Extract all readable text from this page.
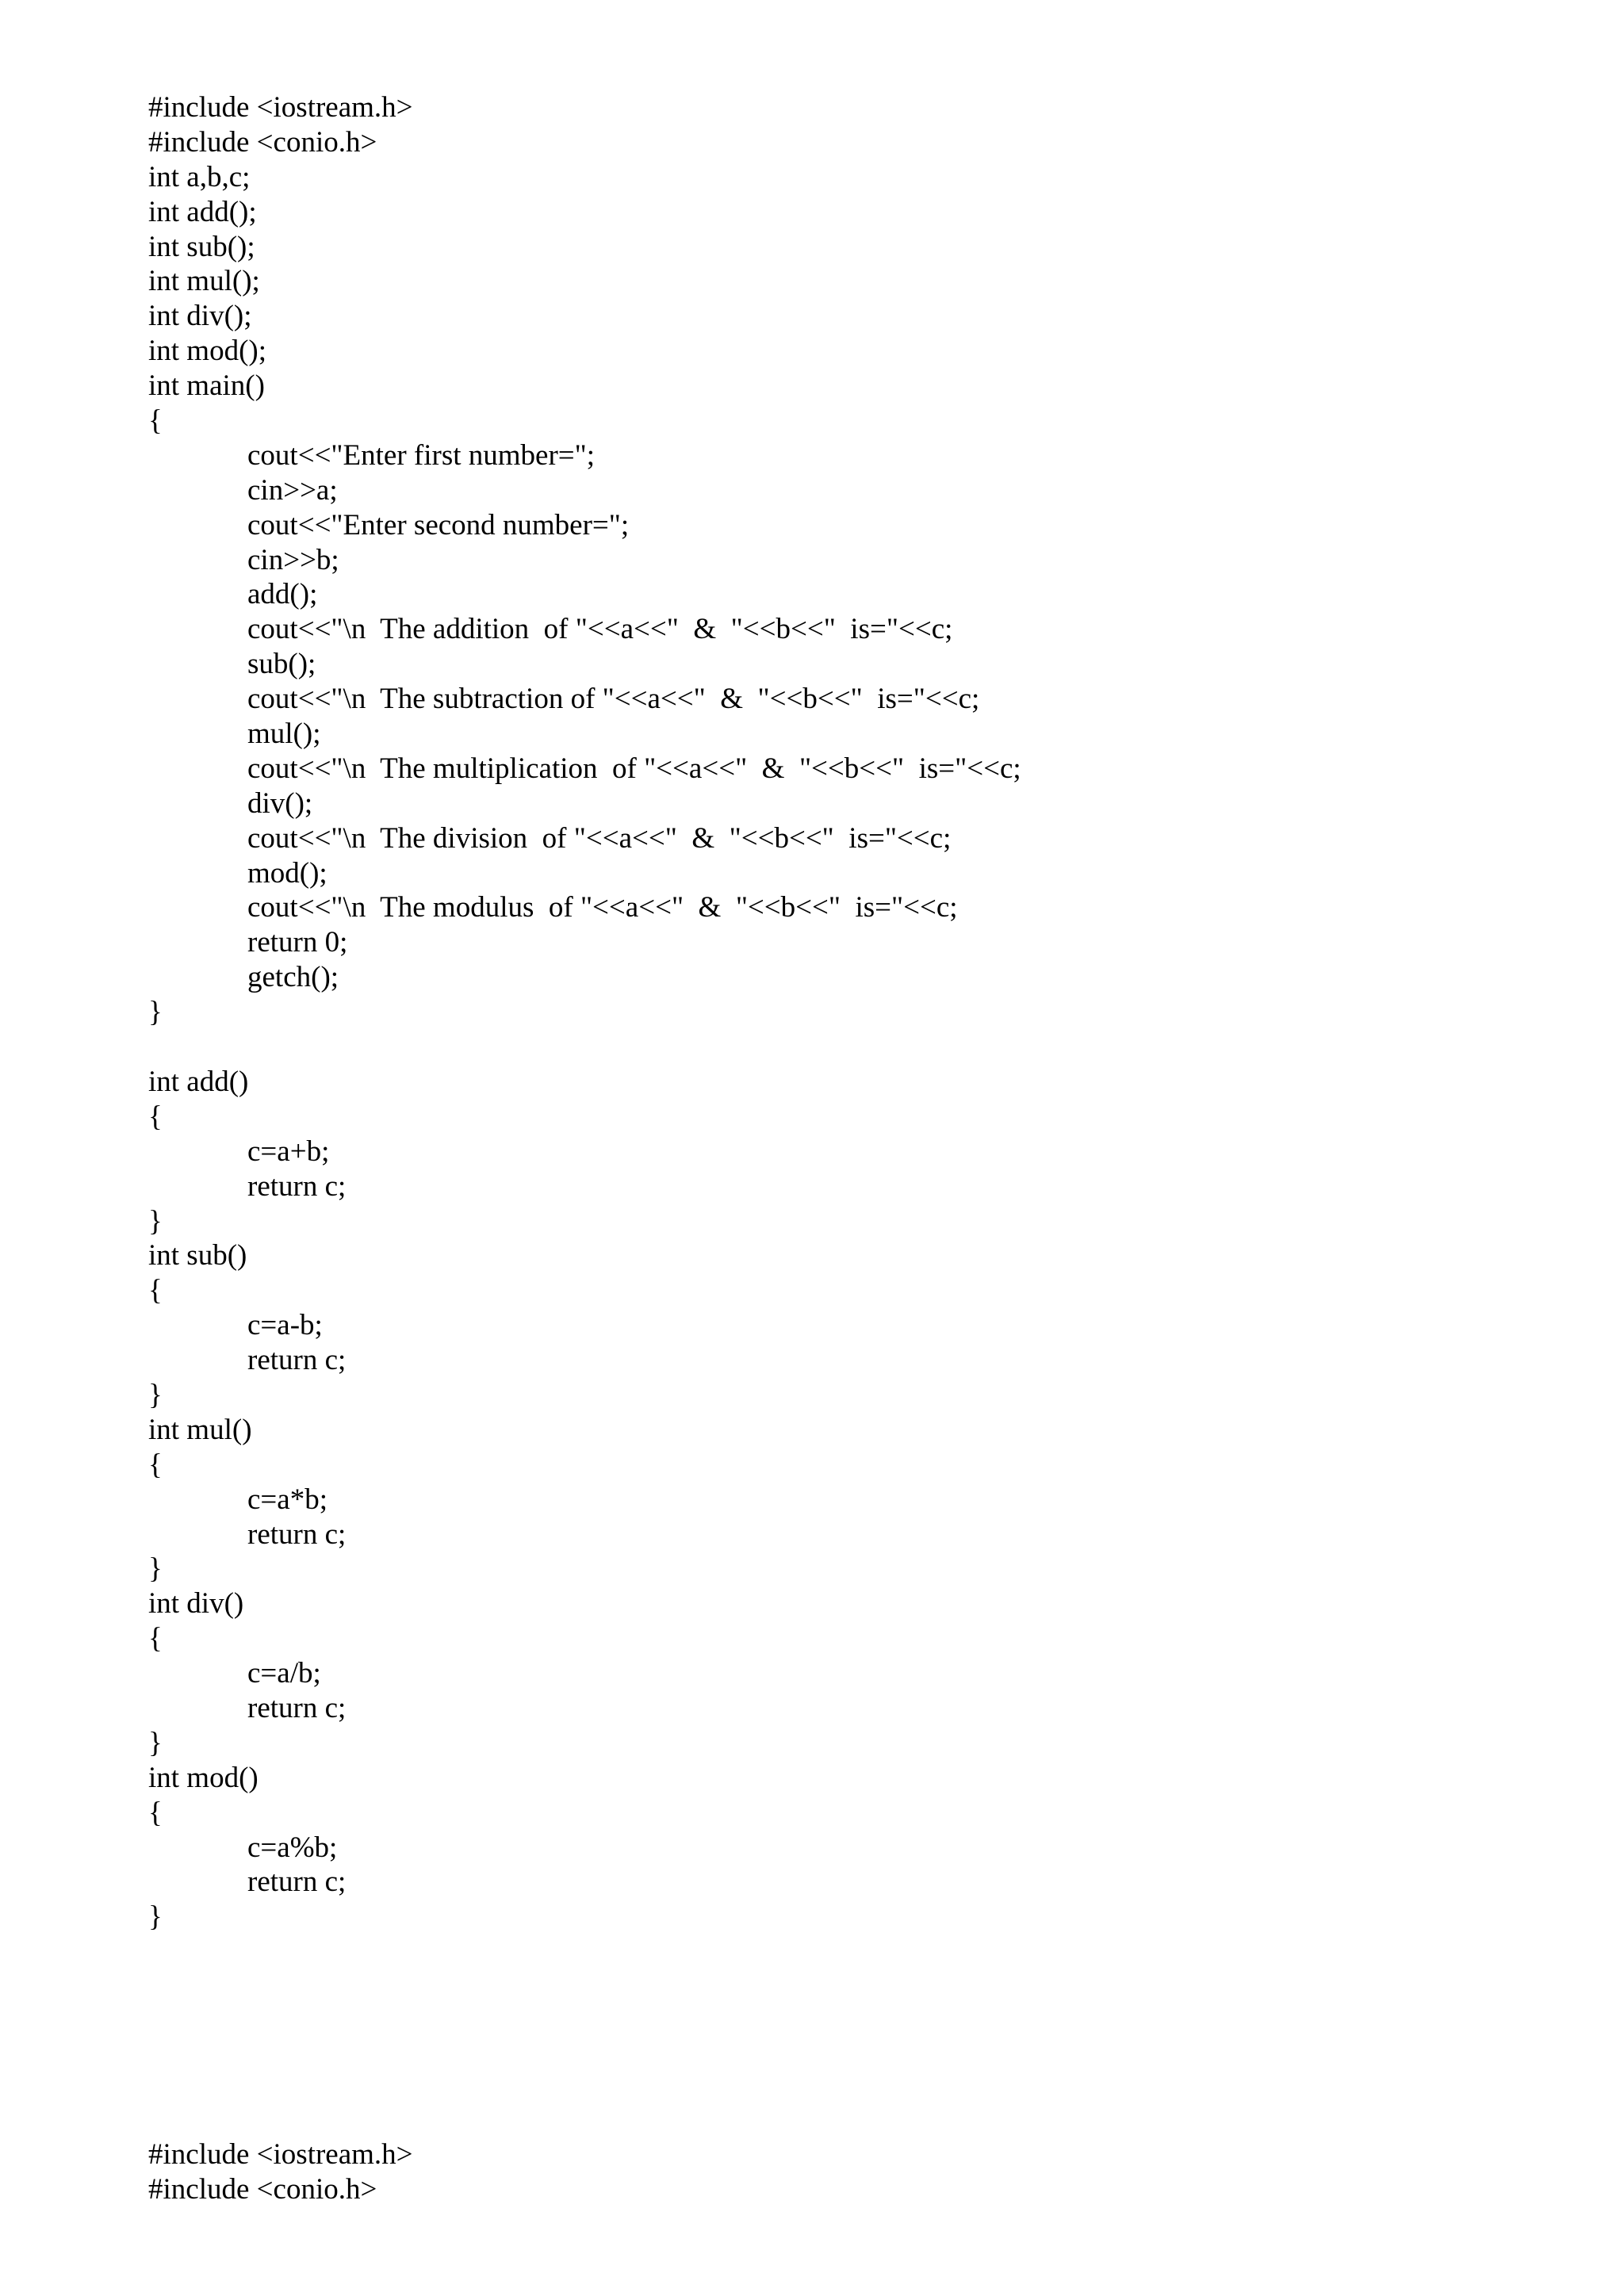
#include <iostream.h>
#include <conio.h>
int a,b,c;
int add();
int sub();
int mul();
int div();
int mod();
int main()
{
cout<<"Enter first number=";
cin>>a;
cout<<"Enter second number=";
cin>>b;
add();
cout<<"\n  The addition  of "<<a<<"  &  "<<b<<"  is="<<c;
sub();
cout<<"\n  The subtraction of "<<a<<"  &  "<<b<<"  is="<<c;
mul();
cout<<"\n  The multiplication  of "<<a<<"  &  "<<b<<"  is="<<c;
div();
cout<<"\n  The division  of "<<a<<"  &  "<<b<<"  is="<<c;
mod();
cout<<"\n  The modulus  of "<<a<<"  &  "<<b<<"  is="<<c;
return 0;
getch();
}
int add()
{
c=a+b;
return c;
}
int sub()
{
c=a-b;
return c;
}
int mul()
{
c=a*b;
return c;
}
int div()
{
c=a/b;
return c;
}
int mod()
{
c=a%b;
return c;
}
#include <iostream.h>
#include <conio.h>
